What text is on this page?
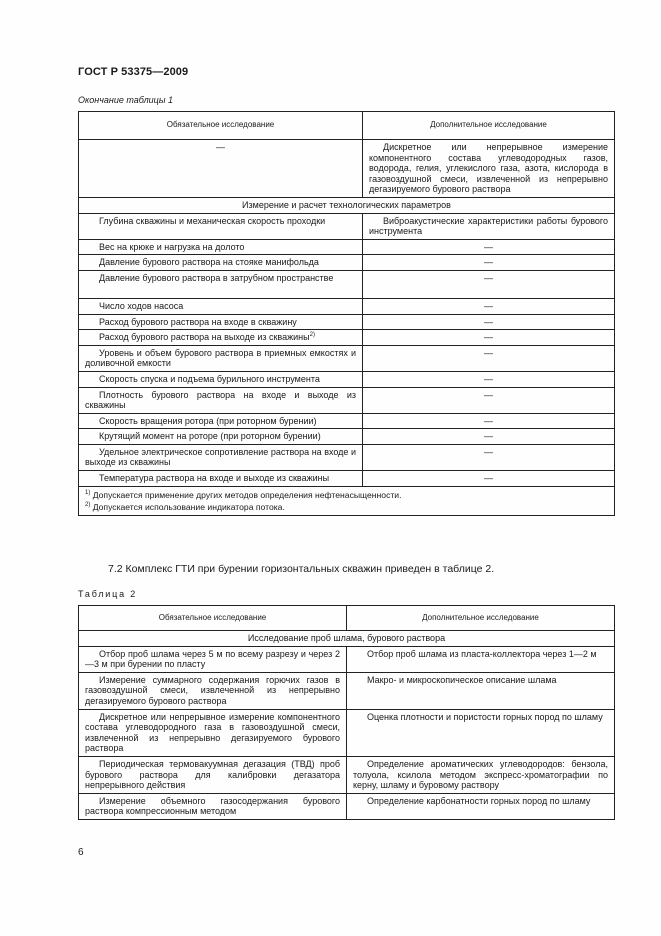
ГОСТ Р 53375—2009
Окончание таблицы 1
Обязательное исследование	Дополнительное исследование
—	Дискретное или непрерывное измерение компонентного состава углеводородных газов, водорода, гелия, углекислого газа, азота, кислорода в газовоздушной смеси, извлеченной из непрерывно дегазируемого бурового раствора
Измерение и расчет технологических параметров	
Глубина скважины и механическая скорость проходки	Виброакустические характеристики работы бурового инструмента
Вес на крюке и нагрузка на долото	—
Давление бурового раствора на стояке манифольда	—
Давление бурового раствора в затрубном пространстве	—
Число ходов насоса	—
Расход бурового раствора на входе в скважину	—
Расход бурового раствора на выходе из скважины$^{2)}$	—
Уровень и объем бурового раствора в приемных емкостях и доливочной емкости	—
Скорость спуска и подъема бурильного инструмента	—
Плотность бурового раствора на входе и выходе из скважины	—
Скорость вращения ротора (при роторном бурении)	—
Крутящий момент на роторе (при роторном бурении)	—
Удельное электрическое сопротивление раствора на входе и выходе из скважины	—
Температура раствора на входе и выходе из скважины	—

$^{1)}$ Допускается применение других методов определения нефтенасыщенности.
$^{2)}$ Допускается использование индикатора потока.	
7.2 Комплекс ГТИ при бурении горизонтальных скважин приведен в таблице 2.
Таблица 2
Обязательное исследование	Дополнительное исследование
Исследование проб шлама, бурового раствора	
Отбор проб шлама через 5 м по всему разрезу и через 2—3 м при бурении по пласту	Отбор проб шлама из пласта-коллектора через 1—2 м
Измерение суммарного содержания горючих газов в газовоздушной смеси, извлеченной из непрерывно дегазируемого бурового раствора	Макро- и микроскопическое описание шлама
Дискретное или непрерывное измерение компонентного состава углеводородного газа в газовоздушной смеси, извлеченной из непрерывно дегазируемого бурового раствора	Оценка плотности и пористости горных пород по шламу
Периодическая термовакуумная дегазация (ТВД) проб бурового раствора для калибровки дегазатора непрерывного действия	Определение ароматических углеводородов: бензола, толуола, ксилола методом экспресс-хроматографии по керну, шламу и буровому раствору
Измерение объемного газосодержания бурового раствора компрессионным методом	Определение карбонатности горных пород по шламу
6
